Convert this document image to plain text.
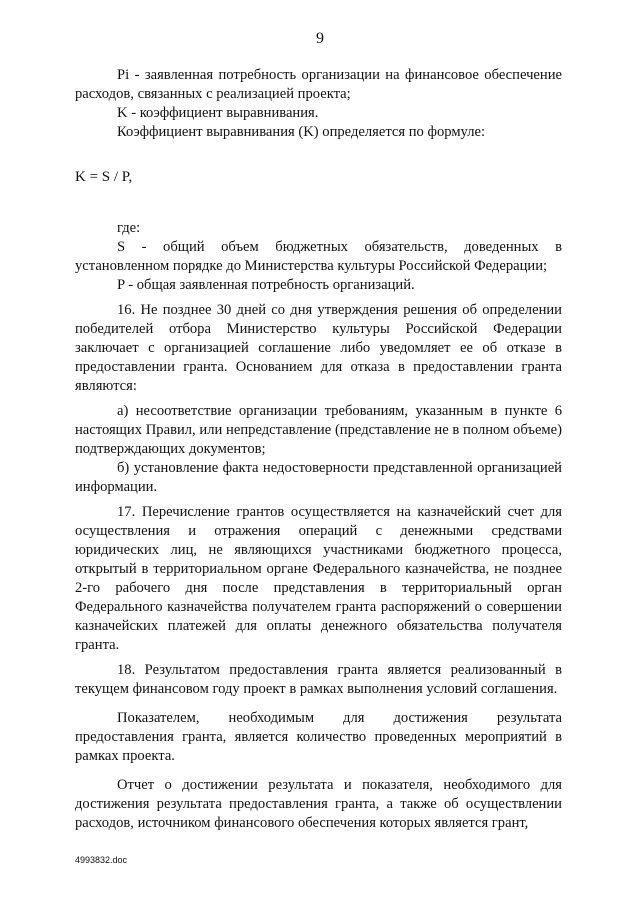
9

Pi - заявленная потребность организации на финансовое обеспечение расходов, связанных с реализацией проекта;

K - коэффициент выравнивания.

Коэффициент выравнивания (K) определяется по формуле:

K = S / P,

где:

S - общий объем бюджетных обязательств, доведенных в установленном порядке до Министерства культуры Российской Федерации;

P - общая заявленная потребность организаций.

16. Не позднее 30 дней со дня утверждения решения об определении победителей отбора Министерство культуры Российской Федерации заключает с организацией соглашение либо уведомляет ее об отказе в предоставлении гранта. Основанием для отказа в предоставлении гранта являются:

а) несоответствие организации требованиям, указанным в пункте 6 настоящих Правил, или непредставление (представление не в полном объеме) подтверждающих документов;

б) установление факта недостоверности представленной организацией информации.

17. Перечисление грантов осуществляется на казначейский счет для осуществления и отражения операций с денежными средствами юридических лиц, не являющихся участниками бюджетного процесса, открытый в территориальном органе Федерального казначейства, не позднее 2-го рабочего дня после представления в территориальный орган Федерального казначейства получателем гранта распоряжений о совершении казначейских платежей для оплаты денежного обязательства получателя гранта.

18. Результатом предоставления гранта является реализованный в текущем финансовом году проект в рамках выполнения условий соглашения.

Показателем, необходимым для достижения результата предоставления гранта, является количество проведенных мероприятий в рамках проекта.

Отчет о достижении результата и показателя, необходимого для достижения результата предоставления гранта, а также об осуществлении расходов, источником финансового обеспечения которых является грант,

4993832.doc
